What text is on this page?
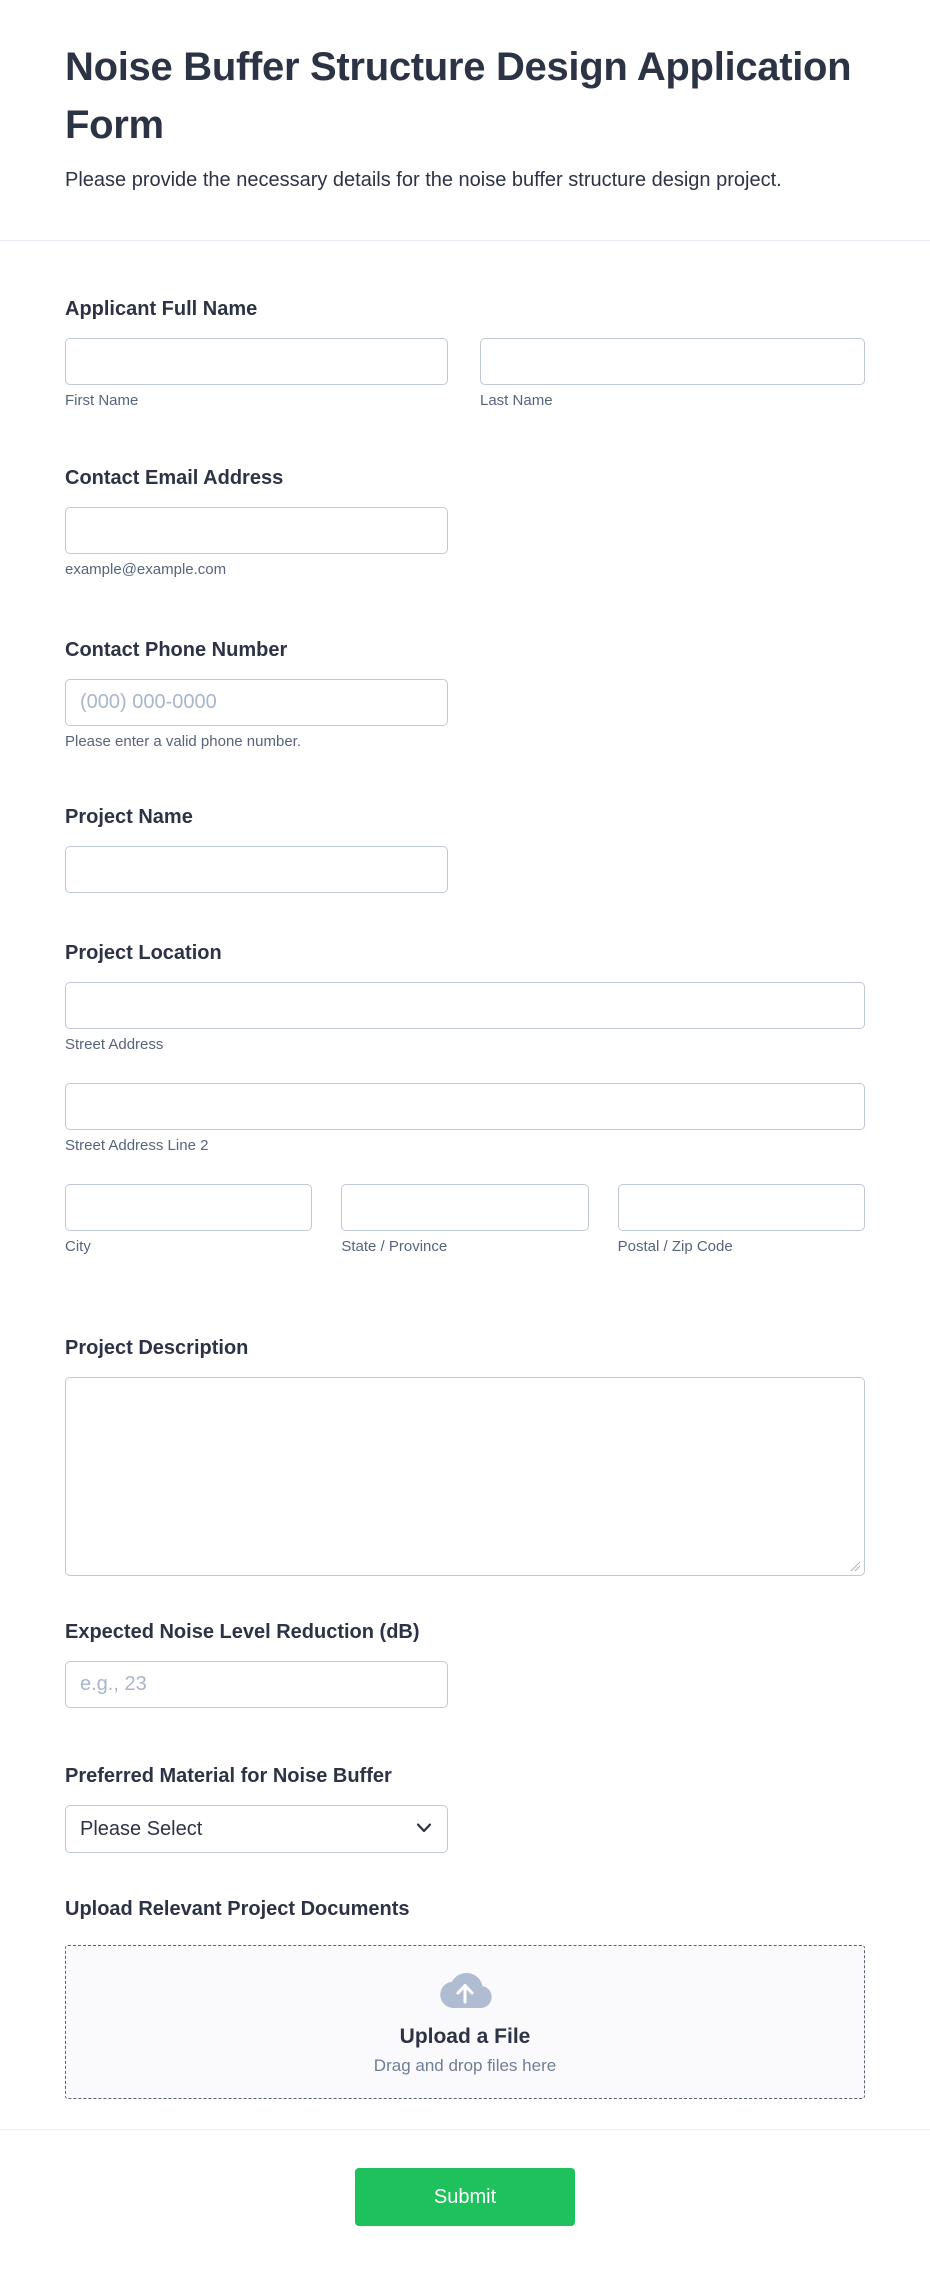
Noise Buffer Structure Design Application Form
Please provide the necessary details for the noise buffer structure design project.
Applicant Full Name
First Name	Last Name
Contact Email Address
example@example.com
Contact Phone Number
(000) 000-0000
Please enter a valid phone number.
Project Name
Project Location
Street Address
Street Address Line 2
City	State / Province	Postal / Zip Code
Project Description
Expected Noise Level Reduction (dB)
e.g., 23
Preferred Material for Noise Buffer
Please Select
Upload Relevant Project Documents
Upload a File
Drag and drop files here
Submit
